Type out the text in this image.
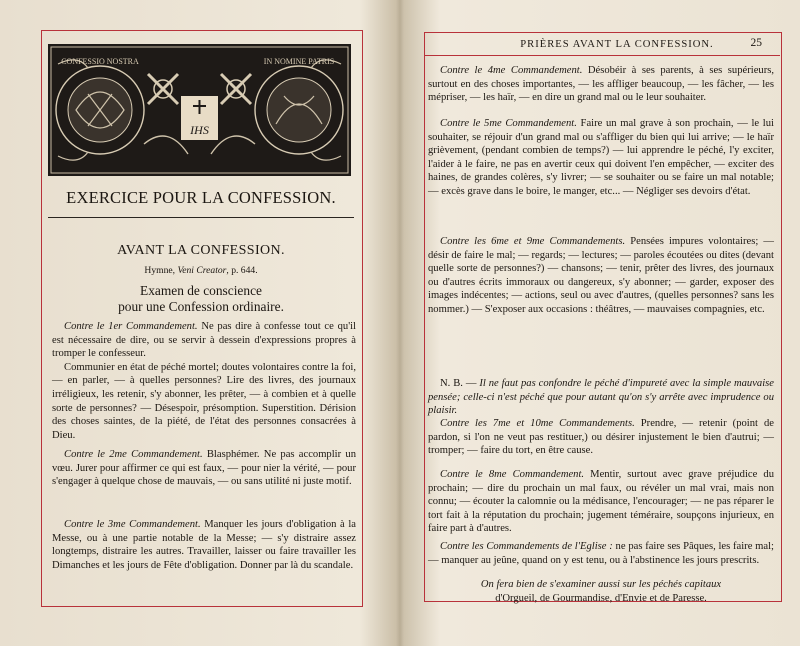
IHS
CONFESSIO NOSTRA	IN NOMINE PATRIS
EXERCICE POUR LA CONFESSION.
AVANT LA CONFESSION.
Hymne, Veni Creator, p. 644.
Examen de conscience
pour une Confession ordinaire.

Contre le 1er Commandement. Ne pas dire à confesse tout ce qu'il est nécessaire de dire, ou se servir à dessein d'expressions propres à tromper le confesseur.

Communier en état de péché mortel; doutes volontaires contre la foi, — en parler, — à quelles personnes? Lire des livres, des journaux irréligieux, les retenir, s'y abonner, les prêter, — à combien et à quelle sorte de personnes? — Désespoir, présomption. Superstition. Dérision des choses saintes, de la piété, de l'état des personnes consacrées à Dieu.

Contre le 2me Commandement. Blasphémer. Ne pas accomplir un vœu. Jurer pour affirmer ce qui est faux, — pour nier la vérité, — pour s'engager à quelque chose de mauvais, — ou sans utilité ni juste motif.

Contre le 3me Commandement. Manquer les jours d'obligation à la Messe, ou à une partie notable de la Messe; — s'y distraire assez longtemps, distraire les autres. Travailler, laisser ou faire travailler les Dimanches et les jours de Fête d'obligation. Donner par là du scandale.

PRIÈRES AVANT LA CONFESSION.	25

Contre le 4me Commandement. Désobéir à ses parents, à ses supérieurs, surtout en des choses importantes, — les affliger beaucoup, — les fâcher, — les mépriser, — les haïr, — en dire un grand mal ou le leur souhaiter.

Contre le 5me Commandement. Faire un mal grave à son prochain, — le lui souhaiter, se réjouir d'un grand mal ou s'affliger du bien qui lui arrive; — le haïr grièvement, (pendant combien de temps?) — lui apprendre le péché, l'y exciter, l'aider à le faire, ne pas en avertir ceux qui doivent l'en empêcher, — exciter des haines, de grandes colères, s'y livrer; — se souhaiter ou se faire un mal notable; — excès grave dans le boire, le manger, etc... — Négliger ses devoirs d'état.

Contre les 6me et 9me Commandements. Pensées impures volontaires; — désir de faire le mal; — regards; — lectures; — paroles écoutées ou dites (devant quelle sorte de personnes?) — chansons; — tenir, prêter des livres, des journaux ou d'autres écrits immoraux ou dangereux, s'y abonner; — garder, exposer des images indécentes; — actions, seul ou avec d'autres, (quelles personnes? sans les nommer.) — S'exposer aux occasions : théâtres, — mauvaises compagnies, etc.

N. B. — Il ne faut pas confondre le péché d'impureté avec la simple mauvaise pensée; celle-ci n'est péché que pour autant qu'on s'y arrête avec imprudence ou plaisir.

Contre les 7me et 10me Commandements. Prendre, — retenir (point de pardon, si l'on ne veut pas restituer,) ou désirer injustement le bien d'autrui; — tromper; — faire du tort, en être cause.

Contre le 8me Commandement. Mentir, surtout avec grave préjudice du prochain; — dire du prochain un mal faux, ou révéler un mal vrai, mais non connu; — écouter la calomnie ou la médisance, l'encourager; — ne pas réparer le tort fait à la réputation du prochain; jugement téméraire, soupçons injurieux, en faire part à d'autres.

Contre les Commandements de l'Eglise : ne pas faire ses Pâques, les faire mal; — manquer au jeûne, quand on y est tenu, ou à l'abstinence les jours prescrits.

On fera bien de s'examiner aussi sur les péchés capitaux

d'Orgueil, de Gourmandise, d'Envie et de Paresse.
